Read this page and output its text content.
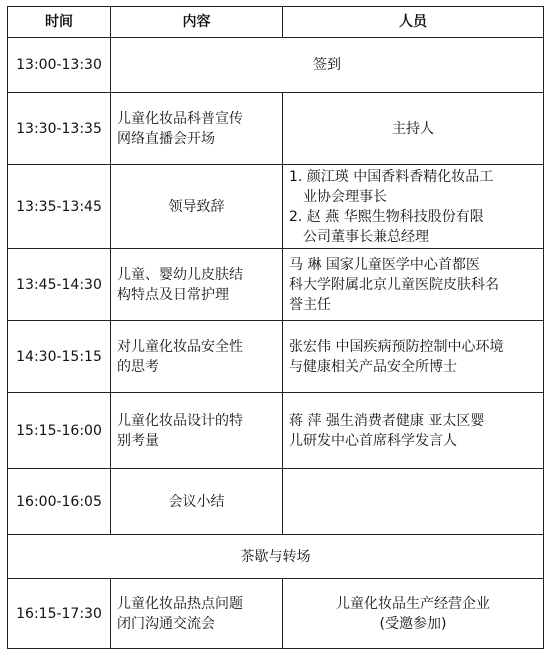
时间	内容	人员
13:00-13:30	签到	
13:30-13:35	儿童化妆品科普宣传 网络直播会开场	主持人

13:35-13:45	领导致辞	1. 颜江瑛 中国香料香精化妆品工
业协会理事长
2. 赵 燕 华熙生物科技股份有限
公司董事长兼总经理

13:45-14:30	儿童、婴幼儿皮肤结 构特点及日常护理	马 琳 国家儿童医学中心首都医
科大学附属北京儿童医院皮肤科名
誉主任

14:30-15:15	对儿童化妆品安全性 的思考	张宏伟 中国疾病预防控制中心环境
与健康相关产品安全所博士

15:15-16:00	儿童化妆品设计的特 别考量	蒋 萍 强生消费者健康 亚太区婴
儿研发中心首席科学发言人

16:00-16:05	会议小结	
茶歇与转场		
16:15-17:30	儿童化妆品热点问题 闭门沟通交流会	儿童化妆品生产经营企业
(受邀参加)
